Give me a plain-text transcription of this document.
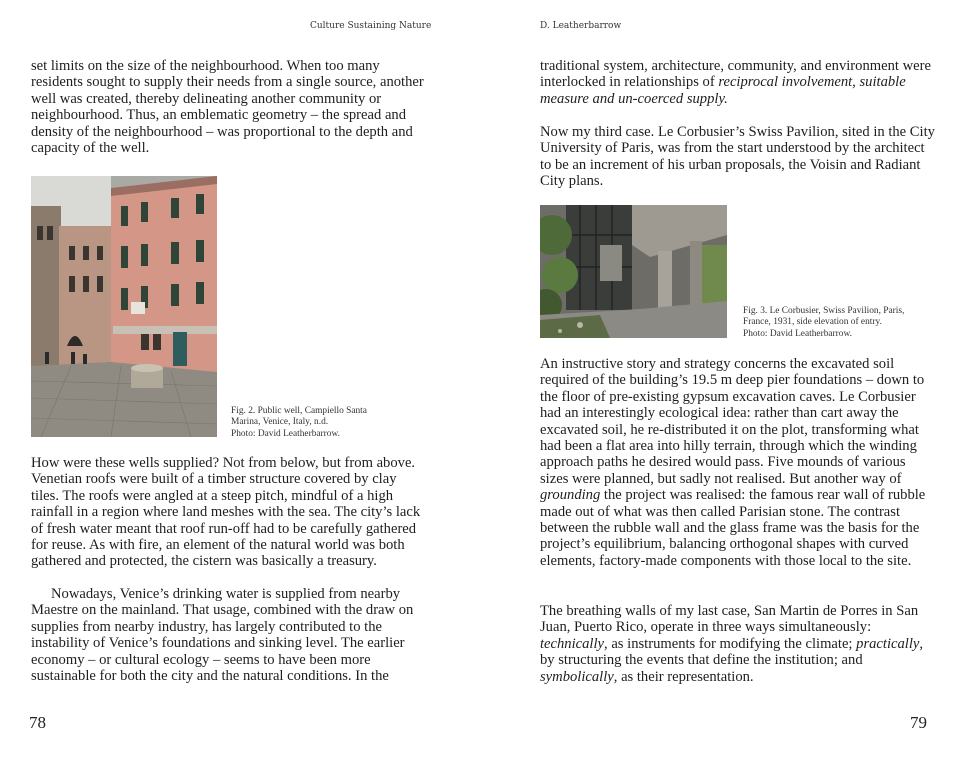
Culture Sustaining Nature

set limits on the size of the neighbourhood. When too many residents sought to supply their needs from a single source, another well was created, thereby delineating another community or neighbourhood. Thus, an emblematic geometry – the spread and density of the neighbourhood – was proportional to the depth and capacity of the well.

Fig. 2. Public well, Campiello Santa
Marina, Venice, Italy, n.d.
Photo: David Leatherbarrow.

How were these wells supplied? Not from below, but from above. Venetian roofs were built of a timber structure covered by clay tiles. The roofs were angled at a steep pitch, mindful of a high rainfall in a region where land meshes with the sea. The city’s lack of fresh water meant that roof run-off had to be carefully gathered for reuse. As with fire, an element of the natural world was both gathered and protected, the cistern was basically a treasury.

Nowadays, Venice’s drinking water is supplied from nearby Maestre on the mainland. That usage, combined with the draw on supplies from nearby industry, has largely contributed to the instability of Venice’s foundations and sinking level. The earlier economy – or cultural ecology – seems to have been more sustainable for both the city and the natural conditions. In the

78
D. Leatherbarrow

traditional system, architecture, community, and environment were interlocked in relationships of reciprocal involvement, suitable measure and un-coerced supply.

Now my third case. Le Corbusier’s Swiss Pavilion, sited in the City University of Paris, was from the start understood by the architect to be an increment of his urban proposals, the Voisin and Radiant City plans.

Fig. 3. Le Corbusier, Swiss Pavilion, Paris,
France, 1931, side elevation of entry.
Photo: David Leatherbarrow.

An instructive story and strategy concerns the excavated soil required of the building’s 19.5 m deep pier foundations – down to the floor of pre-existing gypsum excavation caves. Le Corbusier had an interestingly ecological idea: rather than cart away the excavated soil, he re-distributed it on the plot, transforming what had been a flat area into hilly terrain, through which the winding approach paths he desired would pass. Five mounds of various sizes were planned, but sadly not realised. But another way of grounding the project was realised: the famous rear wall of rubble made out of what was then called Parisian stone. The contrast between the rubble wall and the glass frame was the basis for the project’s equilibrium, balancing orthogonal shapes with curved elements, factory-made components with those local to the site.

The breathing walls of my last case, San Martin de Porres in San Juan, Puerto Rico, operate in three ways simultaneously: technically, as instruments for modifying the climate; practically, by structuring the events that define the institution; and symbolically, as their representation.

79
